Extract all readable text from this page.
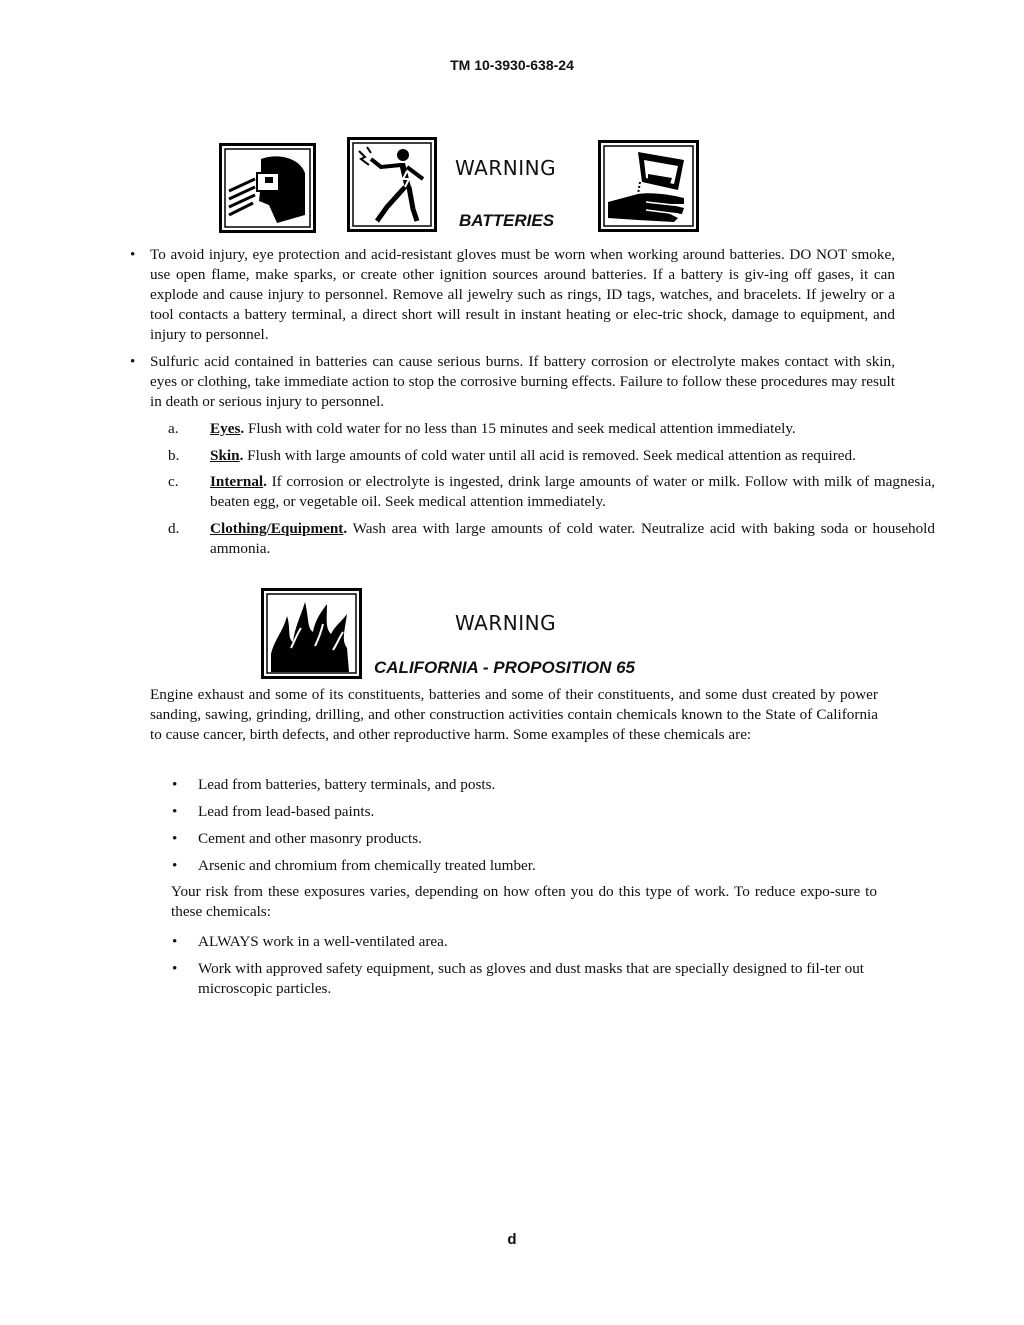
TM 10-3930-638-24
WARNING
BATTERIES
• To avoid injury, eye protection and acid-resistant gloves must be worn when working around batteries. DO NOT smoke, use open flame, make sparks, or create other ignition sources around batteries. If a battery is giv-ing off gases, it can explode and cause injury to personnel. Remove all jewelry such as rings, ID tags, watches, and bracelets. If jewelry or a tool contacts a battery terminal, a direct short will result in instant heating or elec-tric shock, damage to equipment, and injury to personnel.
• Sulfuric acid contained in batteries can cause serious burns. If battery corrosion or electrolyte makes contact with skin, eyes or clothing, take immediate action to stop the corrosive burning effects. Failure to follow these procedures may result in death or serious injury to personnel.
a. Eyes. Flush with cold water for no less than 15 minutes and seek medical attention immediately.
b. Skin. Flush with large amounts of cold water until all acid is removed. Seek medical attention as required.
c. Internal. If corrosion or electrolyte is ingested, drink large amounts of water or milk. Follow with milk of magnesia, beaten egg, or vegetable oil. Seek medical attention immediately.
d. Clothing/Equipment. Wash area with large amounts of cold water. Neutralize acid with baking soda or household ammonia.
WARNING
CALIFORNIA - PROPOSITION 65
Engine exhaust and some of its constituents, batteries and some of their constituents, and some dust created by power sanding, sawing, grinding, drilling, and other construction activities contain chemicals known to the State of California to cause cancer, birth defects, and other reproductive harm. Some examples of these chemicals are:
• Lead from batteries, battery terminals, and posts.
• Lead from lead-based paints.
• Cement and other masonry products.
• Arsenic and chromium from chemically treated lumber.
Your risk from these exposures varies, depending on how often you do this type of work. To reduce expo-sure to these chemicals:
• ALWAYS work in a well-ventilated area.
• Work with approved safety equipment, such as gloves and dust masks that are specially designed to fil-ter out microscopic particles.
d
